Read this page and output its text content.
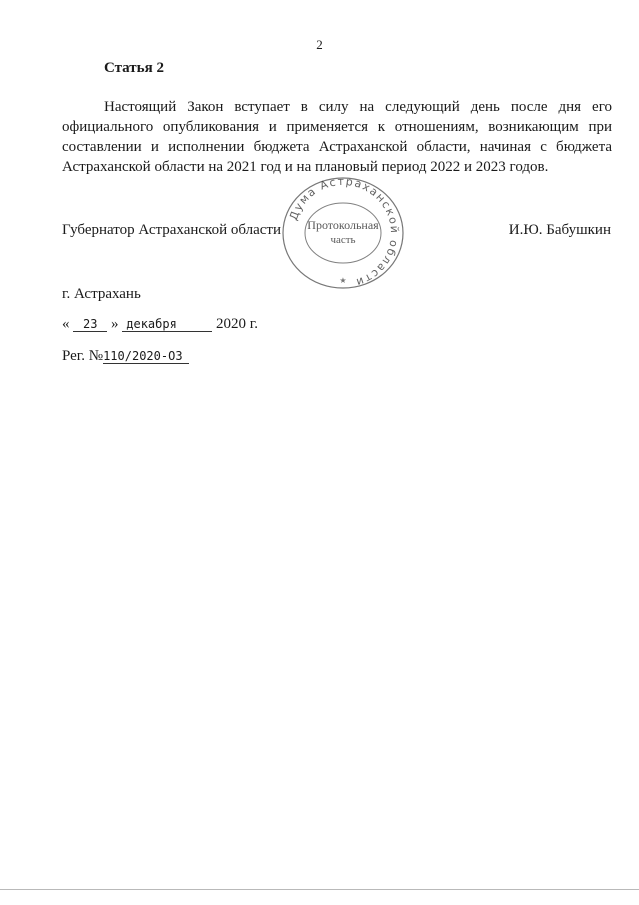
2
Статья 2

Настоящий Закон вступает в силу на следующий день после дня его официального опубликования и применяется к отношениям, возникающим при составлении и исполнении бюджета Астраханской области, начиная с бюджета Астраханской области на 2021 год и на плановый период 2022 и 2023 годов.

Губернатор Астраханской области
Дума Астраханской области
Протокольная
часть
★
И.Ю. Бабушкин
г. Астрахань
« 23 » декабря	2020 г.
Рег. №110/2020-ОЗ
